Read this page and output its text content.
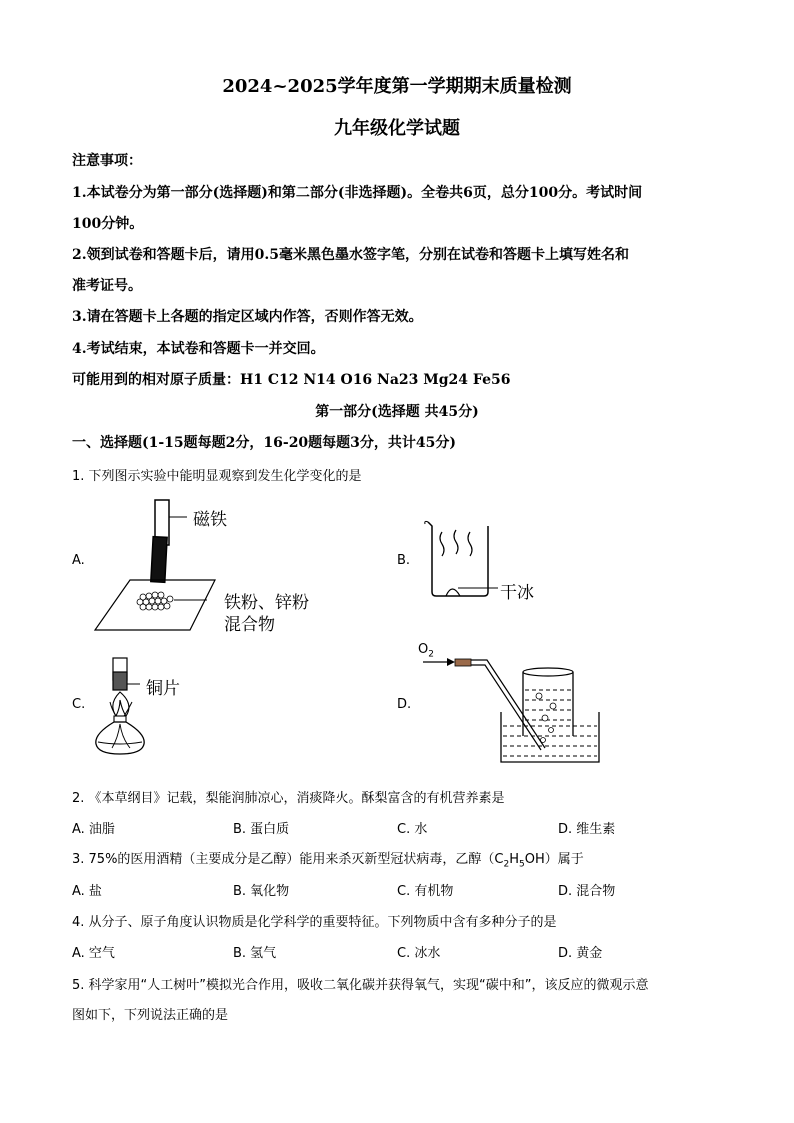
2024~2025学年度第一学期期末质量检测
九年级化学试题
注意事项：
1.本试卷分为第一部分(选择题)和第二部分(非选择题)。全卷共6页，总分100分。考试时间
100分钟。
2.领到试卷和答题卡后，请用0.5毫米黑色墨水签字笔，分别在试卷和答题卡上填写姓名和
准考证号。
3.请在答题卡上各题的指定区域内作答，否则作答无效。
4.考试结束，本试卷和答题卡一并交回。
可能用到的相对原子质量：H1 C12 N14 O16 Na23 Mg24 Fe56
第一部分(选择题 共45分)
一、选择题(1-15题每题2分，16-20题每题3分，共计45分)
1. 下列图示实验中能明显观察到发生化学变化的是
A.
磁铁
铁粉、锌粉
混合物
B.
干冰
C.
铜片
D.
$O_2$
2. 《本草纲目》记载，梨能润肺凉心，消痰降火。酥梨富含的有机营养素是
A. 油脂	B. 蛋白质	C. 水	D. 维生素
3. 75%的医用酒精（主要成分是乙醇）能用来杀灭新型冠状病毒，乙醇$(C_2H_5OH)$属于
A. 盐	B. 氧化物	C. 有机物	D. 混合物
4. 从分子、原子角度认识物质是化学科学的重要特征。下列物质中含有多种分子的是
A. 空气	B. 氢气	C. 冰水	D. 黄金
5. 科学家用“人工树叶”模拟光合作用，吸收二氧化碳并获得氧气，实现“碳中和”，该反应的微观示意
图如下，下列说法正确的是
